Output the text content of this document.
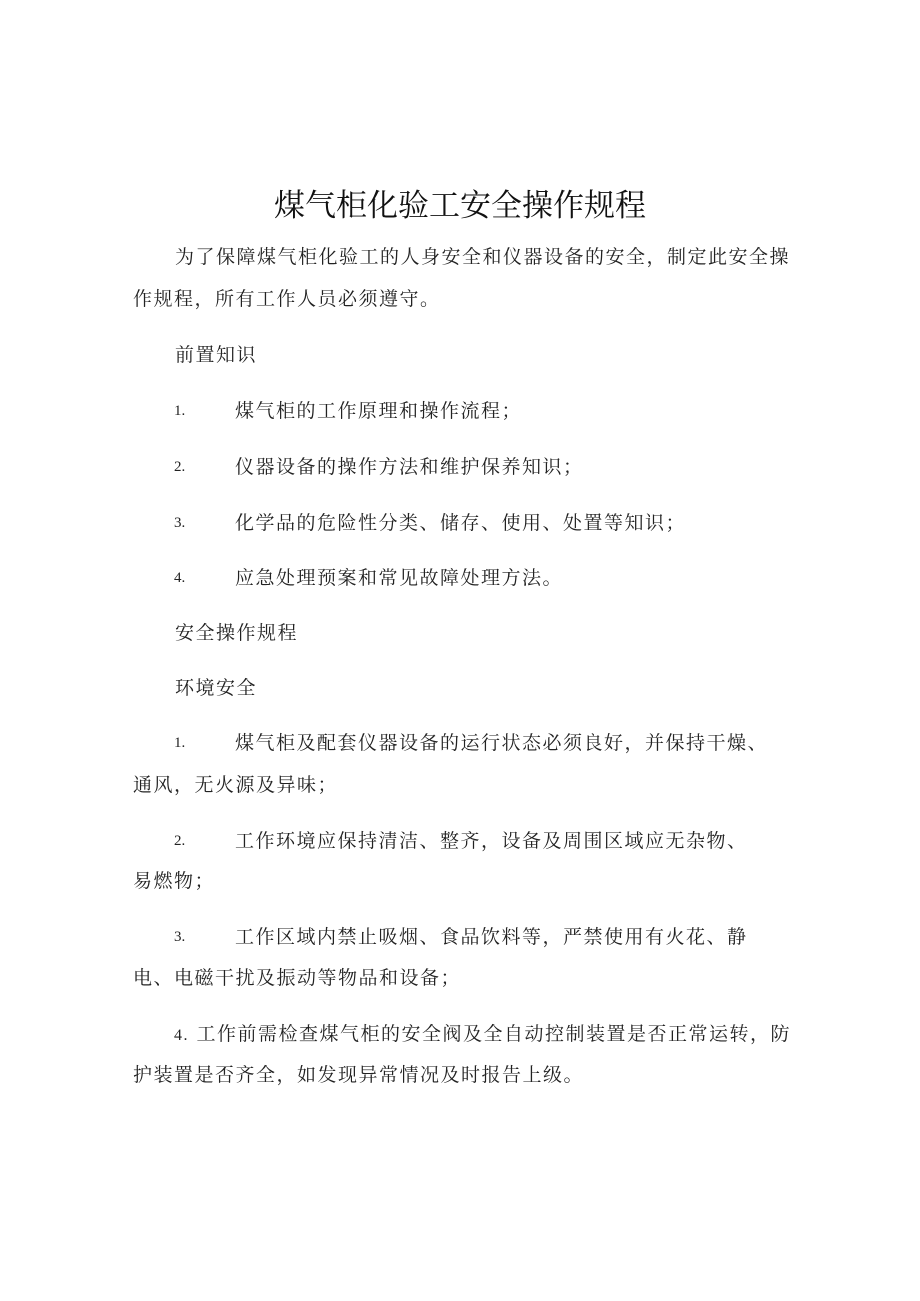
煤气柜化验工安全操作规程
为了保障煤气柜化验工的人身安全和仪器设备的安全，制定此安全操
作规程，所有工作人员必须遵守。
前置知识
1.	煤气柜的工作原理和操作流程；
2.	仪器设备的操作方法和维护保养知识；
3.	化学品的危险性分类、储存、使用、处置等知识；
4.	应急处理预案和常见故障处理方法。
安全操作规程
环境安全
1.	煤气柜及配套仪器设备的运行状态必须良好，并保持干燥、
通风，无火源及异味；
2.	工作环境应保持清洁、整齐，设备及周围区域应无杂物、
易燃物；
3.	工作区域内禁止吸烟、食品饮料等，严禁使用有火花、静
电、电磁干扰及振动等物品和设备；
4. 工作前需检查煤气柜的安全阀及全自动控制装置是否正常运转，防
护装置是否齐全，如发现异常情况及时报告上级。
